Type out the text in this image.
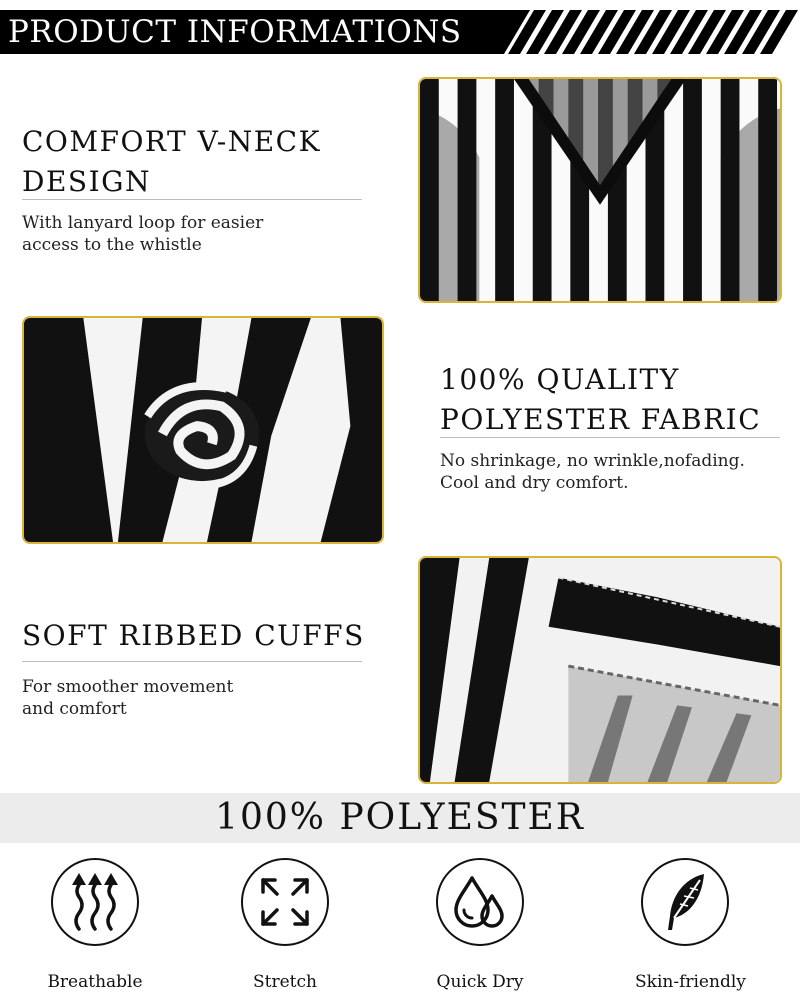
PRODUCT INFORMATIONS
COMFORT V-NECK
DESIGN

With lanyard loop for easier
access to the whistle

100% QUALITY
POLYESTER FABRIC

No shrinkage, no wrinkle,nofading.
Cool and dry comfort.

SOFT RIBBED CUFFS

For smoother movement
and comfort

100% POLYESTER
Breathable	Stretch	Quick Dry	Skin-friendly
